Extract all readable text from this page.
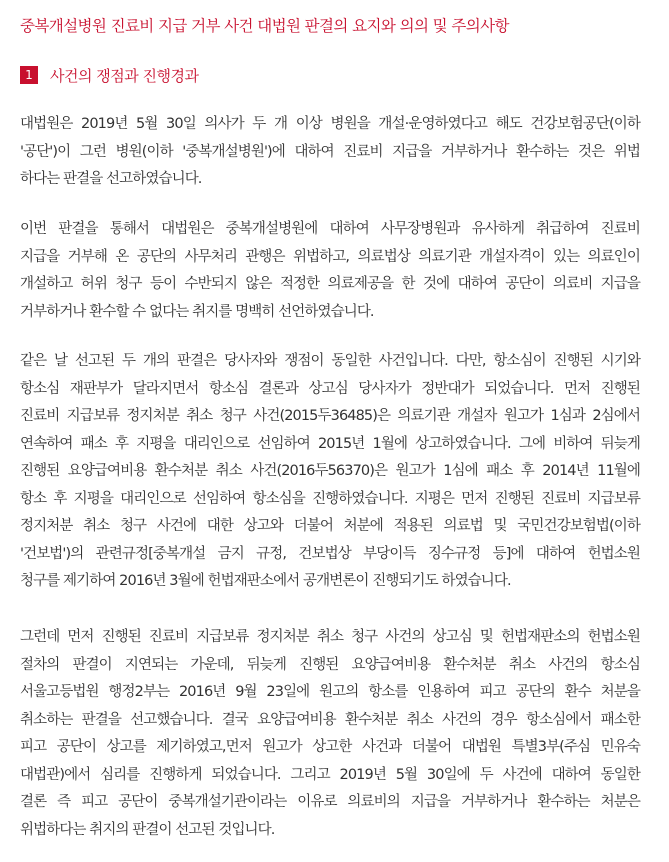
중복개설병원 진료비 지급 거부 사건 대법원 판결의 요지와 의의 및 주의사항
1	사건의 쟁점과 진행경과
대법원은 2019년 5월 30일 의사가 두 개 이상 병원을 개설·운영하였다고 해도 건강보험공단(이하
'공단')이 그런 병원(이하 '중복개설병원')에 대하여 진료비 지급을 거부하거나 환수하는 것은 위법
하다는 판결을 선고하였습니다.
이번 판결을 통해서 대법원은 중복개설병원에 대하여 사무장병원과 유사하게 취급하여 진료비
지급을 거부해 온 공단의 사무처리 관행은 위법하고, 의료법상 의료기관 개설자격이 있는 의료인이
개설하고 허위 청구 등이 수반되지 않은 적정한 의료제공을 한 것에 대하여 공단이 의료비 지급을
거부하거나 환수할 수 없다는 취지를 명백히 선언하였습니다.
같은 날 선고된 두 개의 판결은 당사자와 쟁점이 동일한 사건입니다. 다만, 항소심이 진행된 시기와
항소심 재판부가 달라지면서 항소심 결론과 상고심 당사자가 정반대가 되었습니다. 먼저 진행된
진료비 지급보류 정지처분 취소 청구 사건(2015두36485)은 의료기관 개설자 원고가 1심과 2심에서
연속하여 패소 후 지평을 대리인으로 선임하여 2015년 1월에 상고하였습니다. 그에 비하여 뒤늦게
진행된 요양급여비용 환수처분 취소 사건(2016두56370)은 원고가 1심에 패소 후 2014년 11월에
항소 후 지평을 대리인으로 선임하여 항소심을 진행하였습니다. 지평은 먼저 진행된 진료비 지급보류
정지처분 취소 청구 사건에 대한 상고와 더불어 처분에 적용된 의료법 및 국민건강보험법(이하
'건보법')의 관련규정[중복개설 금지 규정, 건보법상 부당이득 징수규정 등]에 대하여 헌법소원
청구를 제기하여 2016년 3월에 헌법재판소에서 공개변론이 진행되기도 하였습니다.
그런데 먼저 진행된 진료비 지급보류 정지처분 취소 청구 사건의 상고심 및 헌법재판소의 헌법소원
절차의 판결이 지연되는 가운데, 뒤늦게 진행된 요양급여비용 환수처분 취소 사건의 항소심
서울고등법원 행정2부는 2016년 9월 23일에 원고의 항소를 인용하여 피고 공단의 환수 처분을
취소하는 판결을 선고했습니다. 결국 요양급여비용 환수처분 취소 사건의 경우 항소심에서 패소한
피고 공단이 상고를 제기하였고,먼저 원고가 상고한 사건과 더불어 대법원 특별3부(주심 민유숙
대법관)에서 심리를 진행하게 되었습니다. 그리고 2019년 5월 30일에 두 사건에 대하여 동일한
결론 즉 피고 공단이 중복개설기관이라는 이유로 의료비의 지급을 거부하거나 환수하는 처분은
위법하다는 취지의 판결이 선고된 것입니다.
